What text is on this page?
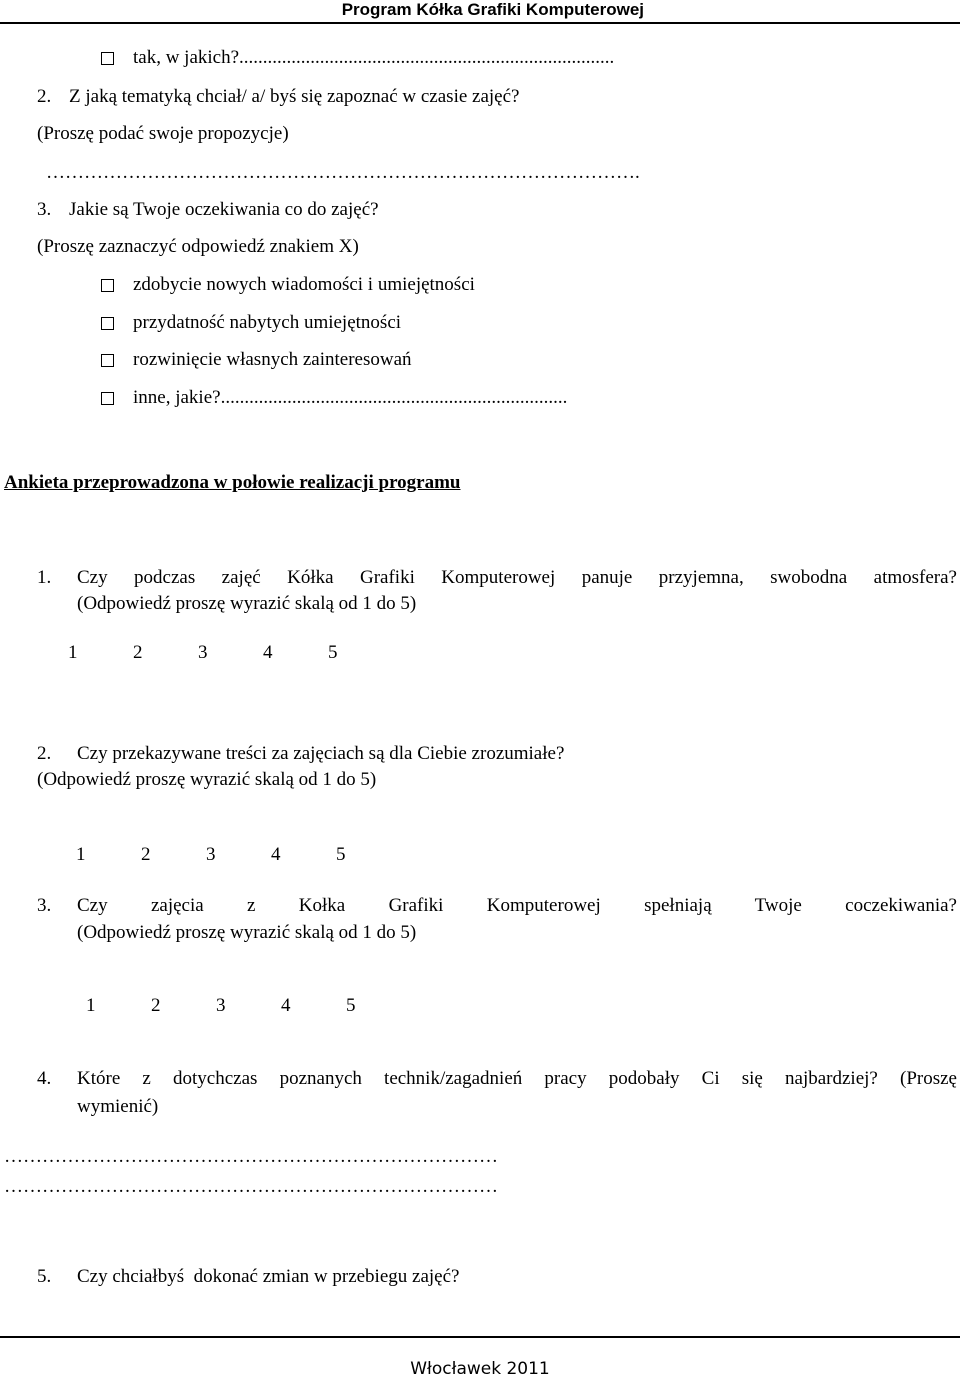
Program Kółka Grafiki Komputerowej
tak, w jakich?...............................................................................
2. Z jaką tematyką chciał/ a/ byś się zapoznać w czasie zajęć?
(Proszę podać swoje propozycje)
………………………………………………………………………………….
3. Jakie są Twoje oczekiwania co do zajęć?
(Proszę zaznaczyć odpowiedź znakiem X)
zdobycie nowych wiadomości i umiejętności
przydatność nabytych umiejętności
rozwinięcie własnych zainteresowań
inne, jakie?.........................................................................
Ankieta przeprowadzona w połowie realizacji programu
1. Czy podczas zajęć Kółka Grafiki Komputerowej panuje przyjemna, swobodna atmosfera?
(Odpowiedź proszę wyrazić skalą od 1 do 5)
1	2	3	4	5
2. Czy przekazywane treści za zajęciach są dla Ciebie zrozumiałe?
(Odpowiedź proszę wyrazić skalą od 1 do 5)
1	2	3	4	5
3. Czy zajęcia z Kołka Grafiki Komputerowej spełniają Twoje coczekiwania?
(Odpowiedź proszę wyrazić skalą od 1 do 5)
1	2	3	4	5
4. Które z dotychczas poznanych technik/zagadnień pracy podobały Ci się najbardziej? (Proszę
wymienić)
……………………………………………………………………
……………………………………………………………………
5. Czy chciałbyś  dokonać zmian w przebiegu zajęć?
Włocławek 2011
